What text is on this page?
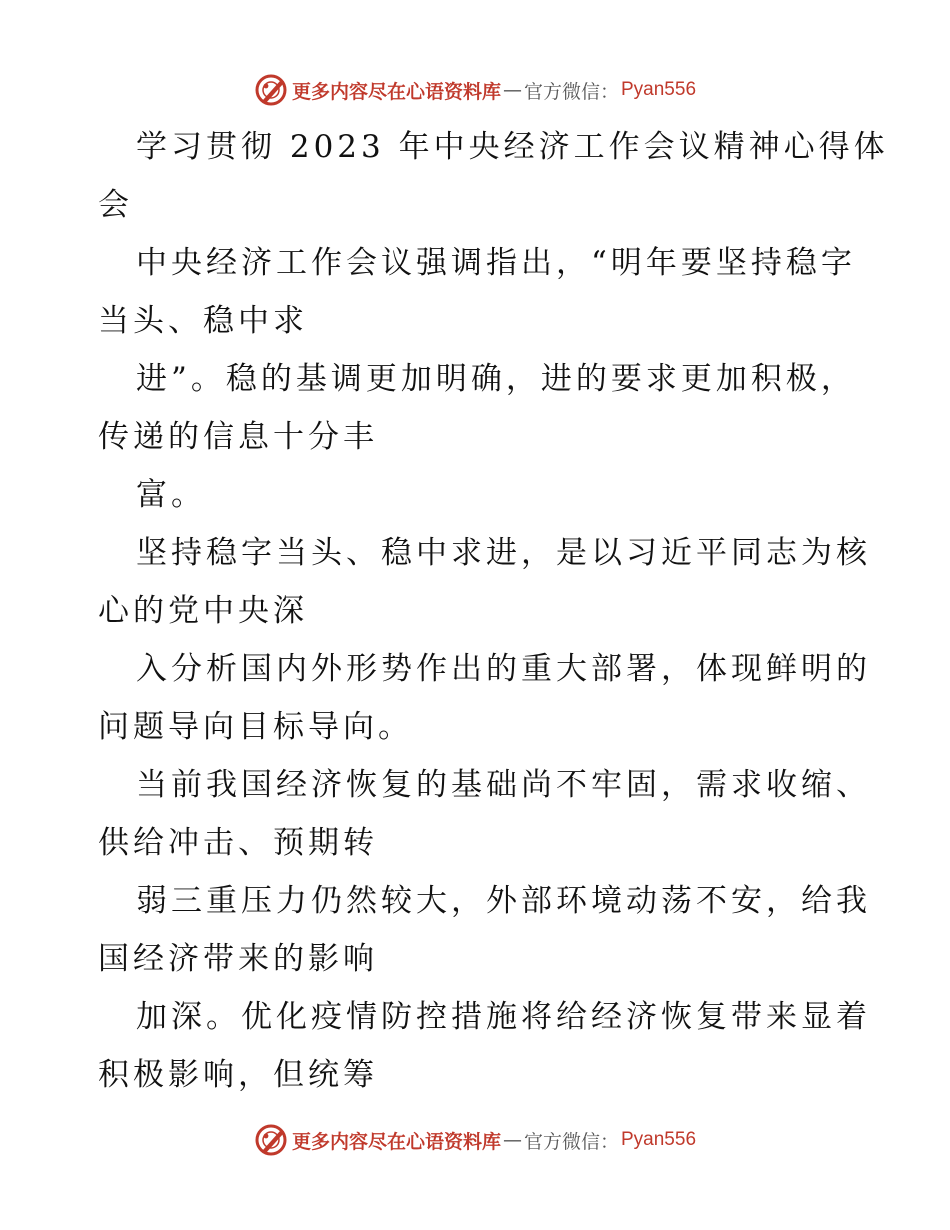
更多内容尽在心语资料库 — 官方微信： Pyan556

学习贯彻 2023 年中央经济工作会议精神心得体

会

中央经济工作会议强调指出，“明年要坚持稳字

当头、稳中求

进”。稳的基调更加明确，进的要求更加积极，

传递的信息十分丰

富。

坚持稳字当头、稳中求进，是以习近平同志为核

心的党中央深

入分析国内外形势作出的重大部署，体现鲜明的

问题导向目标导向。

当前我国经济恢复的基础尚不牢固，需求收缩、

供给冲击、预期转

弱三重压力仍然较大，外部环境动荡不安，给我

国经济带来的影响

加深。优化疫情防控措施将给经济恢复带来显着

积极影响，但统筹

更多内容尽在心语资料库 — 官方微信： Pyan556
